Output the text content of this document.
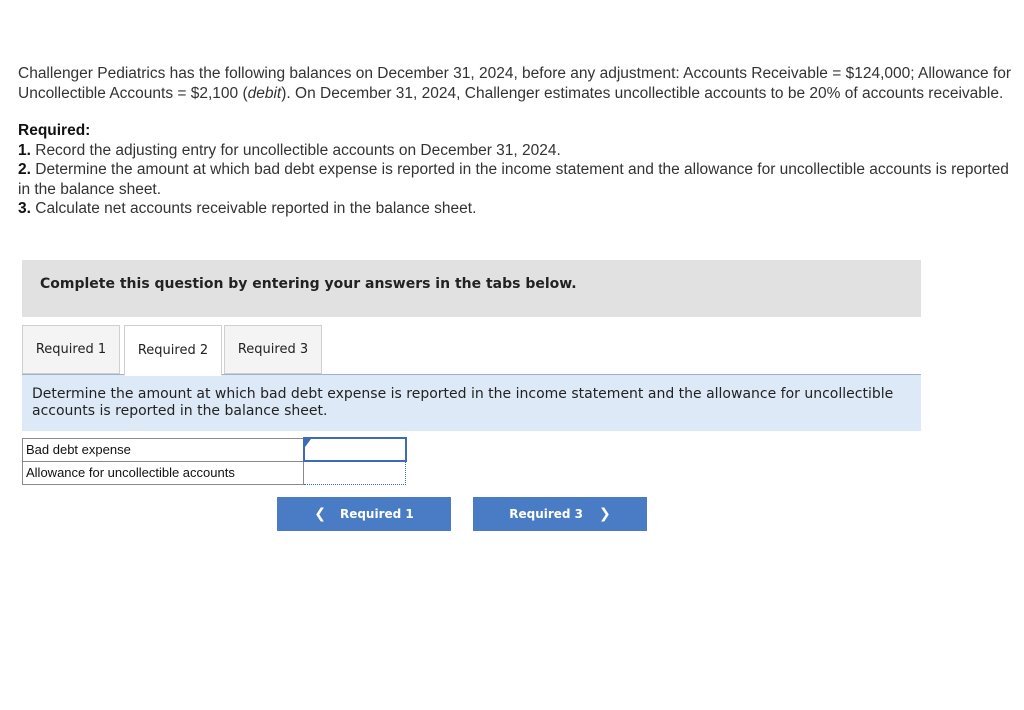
Challenger Pediatrics has the following balances on December 31, 2024, before any adjustment: Accounts Receivable = $124,000; Allowance for Uncollectible Accounts = $2,100 (debit). On December 31, 2024, Challenger estimates uncollectible accounts to be 20% of accounts receivable.

Required:

1. Record the adjusting entry for uncollectible accounts on December 31, 2024.

2. Determine the amount at which bad debt expense is reported in the income statement and the allowance for uncollectible accounts is reported in the balance sheet.

3. Calculate net accounts receivable reported in the balance sheet.

Complete this question by entering your answers in the tabs below.
Required 1	Required 2	Required 3
Determine the amount at which bad debt expense is reported in the income statement and the allowance for uncollectible accounts is reported in the balance sheet.
Bad debt expense	

Allowance for uncollectible accounts	
❮ Required 1	Required 3 ❯
